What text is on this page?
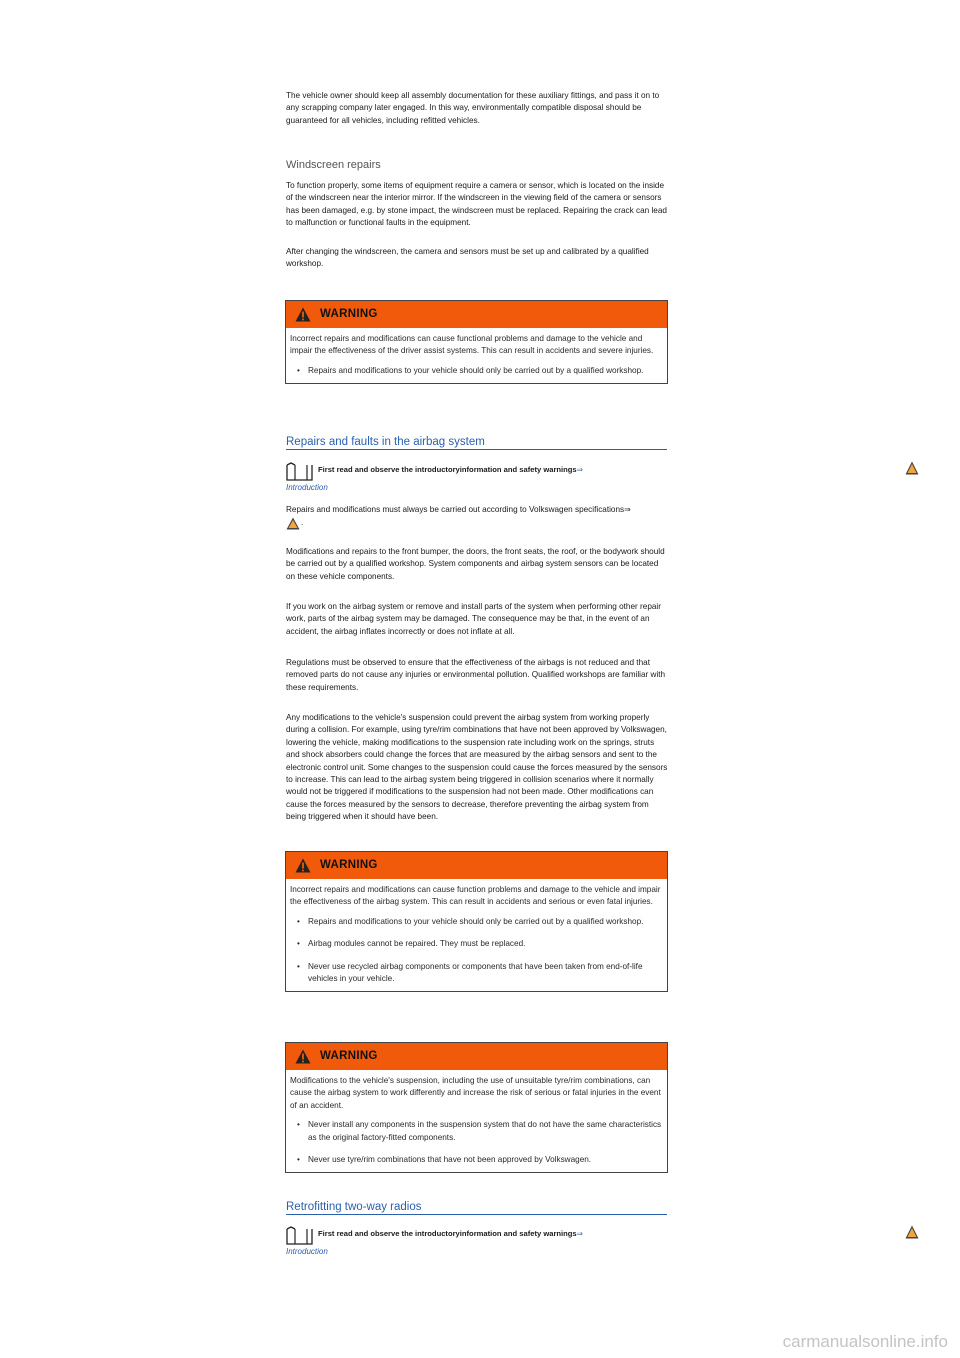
The vehicle owner should keep all assembly documentation for these auxiliary fittings, and pass it on to any scrapping company later engaged. In this way, environmentally compatible disposal should be guaranteed for all vehicles, including refitted vehicles.

Windscreen repairs

To function properly, some items of equipment require a camera or sensor, which is located on the inside of the windscreen near the interior mirror. If the windscreen in the viewing field of the camera or sensors has been damaged, e.g. by stone impact, the windscreen must be replaced. Repairing the crack can lead to malfunction or functional faults in the equipment.

After changing the windscreen, the camera and sensors must be set up and calibrated by a qualified workshop.

WARNING

Incorrect repairs and modifications can cause functional problems and damage to the vehicle and impair the effectiveness of the driver assist systems. This can result in accidents and severe injuries.

• Repairs and modifications to your vehicle should only be carried out by a qualified workshop.

Repairs and faults in the airbag system

First read and observe the introductoryinformation and safety warnings⇒
Introduction

Repairs and modifications must always be carried out according to Volkswagen specifications⇒

.

Modifications and repairs to the front bumper, the doors, the front seats, the roof, or the bodywork should be carried out by a qualified workshop. System components and airbag system sensors can be located on these vehicle components.

If you work on the airbag system or remove and install parts of the system when performing other repair work, parts of the airbag system may be damaged. The consequence may be that, in the event of an accident, the airbag inflates incorrectly or does not inflate at all.

Regulations must be observed to ensure that the effectiveness of the airbags is not reduced and that removed parts do not cause any injuries or environmental pollution. Qualified workshops are familiar with these requirements.

Any modifications to the vehicle's suspension could prevent the airbag system from working properly during a collision. For example, using tyre/rim combinations that have not been approved by Volkswagen, lowering the vehicle, making modifications to the suspension rate including work on the springs, struts and shock absorbers could change the forces that are measured by the airbag sensors and sent to the electronic control unit. Some changes to the suspension could cause the forces measured by the sensors to increase. This can lead to the airbag system being triggered in collision scenarios where it normally would not be triggered if modifications to the suspension had not been made. Other modifications can cause the forces measured by the sensors to decrease, therefore preventing the airbag system from being triggered when it should have been.

WARNING

Incorrect repairs and modifications can cause function problems and damage to the vehicle and impair the effectiveness of the airbag system. This can result in accidents and serious or even fatal injuries.

• Repairs and modifications to your vehicle should only be carried out by a qualified workshop.
• Airbag modules cannot be repaired. They must be replaced.
• Never use recycled airbag components or components that have been taken from end-of-life vehicles in your vehicle.
WARNING

Modifications to the vehicle's suspension, including the use of unsuitable tyre/rim combinations, can cause the airbag system to work differently and increase the risk of serious or fatal injuries in the event of an accident.

• Never install any components in the suspension system that do not have the same characteristics as the original factory-fitted components.
• Never use tyre/rim combinations that have not been approved by Volkswagen.

Retrofitting two-way radios

First read and observe the introductoryinformation and safety warnings⇒
Introduction
carmanualsonline.info
